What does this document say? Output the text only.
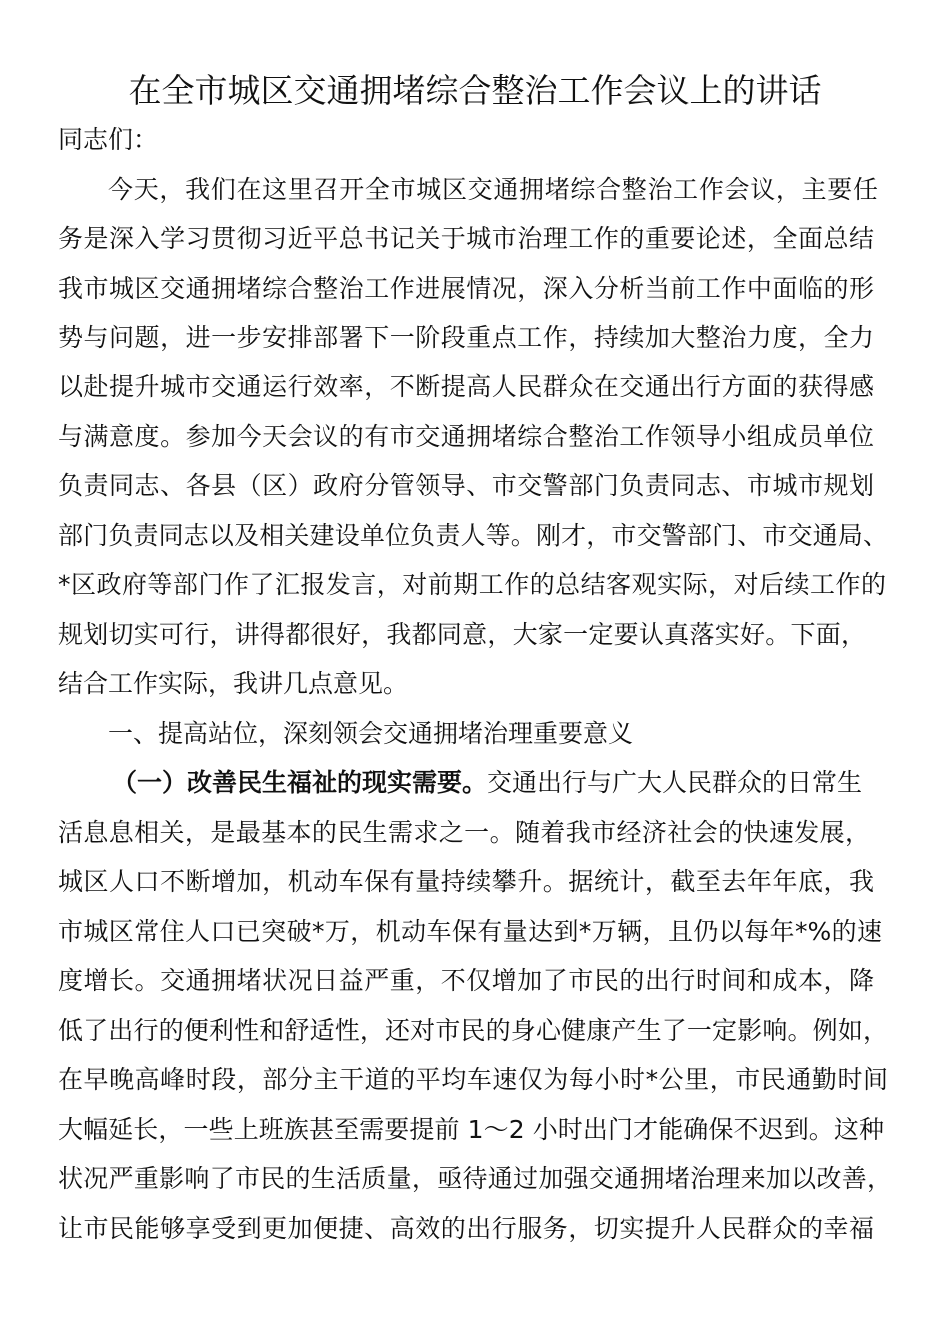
在全市城区交通拥堵综合整治工作会议上的讲话

同志们：

今天，我们在这里召开全市城区交通拥堵综合整治工作会议，主要任

务是深入学习贯彻习近平总书记关于城市治理工作的重要论述，全面总结

我市城区交通拥堵综合整治工作进展情况，深入分析当前工作中面临的形

势与问题，进一步安排部署下一阶段重点工作，持续加大整治力度，全力

以赴提升城市交通运行效率，不断提高人民群众在交通出行方面的获得感

与满意度。参加今天会议的有市交通拥堵综合整治工作领导小组成员单位

负责同志、各县（区）政府分管领导、市交警部门负责同志、市城市规划

部门负责同志以及相关建设单位负责人等。刚才，市交警部门、市交通局、

*区政府等部门作了汇报发言，对前期工作的总结客观实际，对后续工作的

规划切实可行，讲得都很好，我都同意，大家一定要认真落实好。下面，

结合工作实际，我讲几点意见。

一、提高站位，深刻领会交通拥堵治理重要意义

（一）改善民生福祉的现实需要。交通出行与广大人民群众的日常生

活息息相关，是最基本的民生需求之一。随着我市经济社会的快速发展，

城区人口不断增加，机动车保有量持续攀升。据统计，截至去年年底，我

市城区常住人口已突破*万，机动车保有量达到*万辆，且仍以每年*%的速

度增长。交通拥堵状况日益严重，不仅增加了市民的出行时间和成本，降

低了出行的便利性和舒适性，还对市民的身心健康产生了一定影响。例如，

在早晚高峰时段，部分主干道的平均车速仅为每小时*公里，市民通勤时间

大幅延长，一些上班族甚至需要提前 1～2 小时出门才能确保不迟到。这种

状况严重影响了市民的生活质量，亟待通过加强交通拥堵治理来加以改善，

让市民能够享受到更加便捷、高效的出行服务，切实提升人民群众的幸福
